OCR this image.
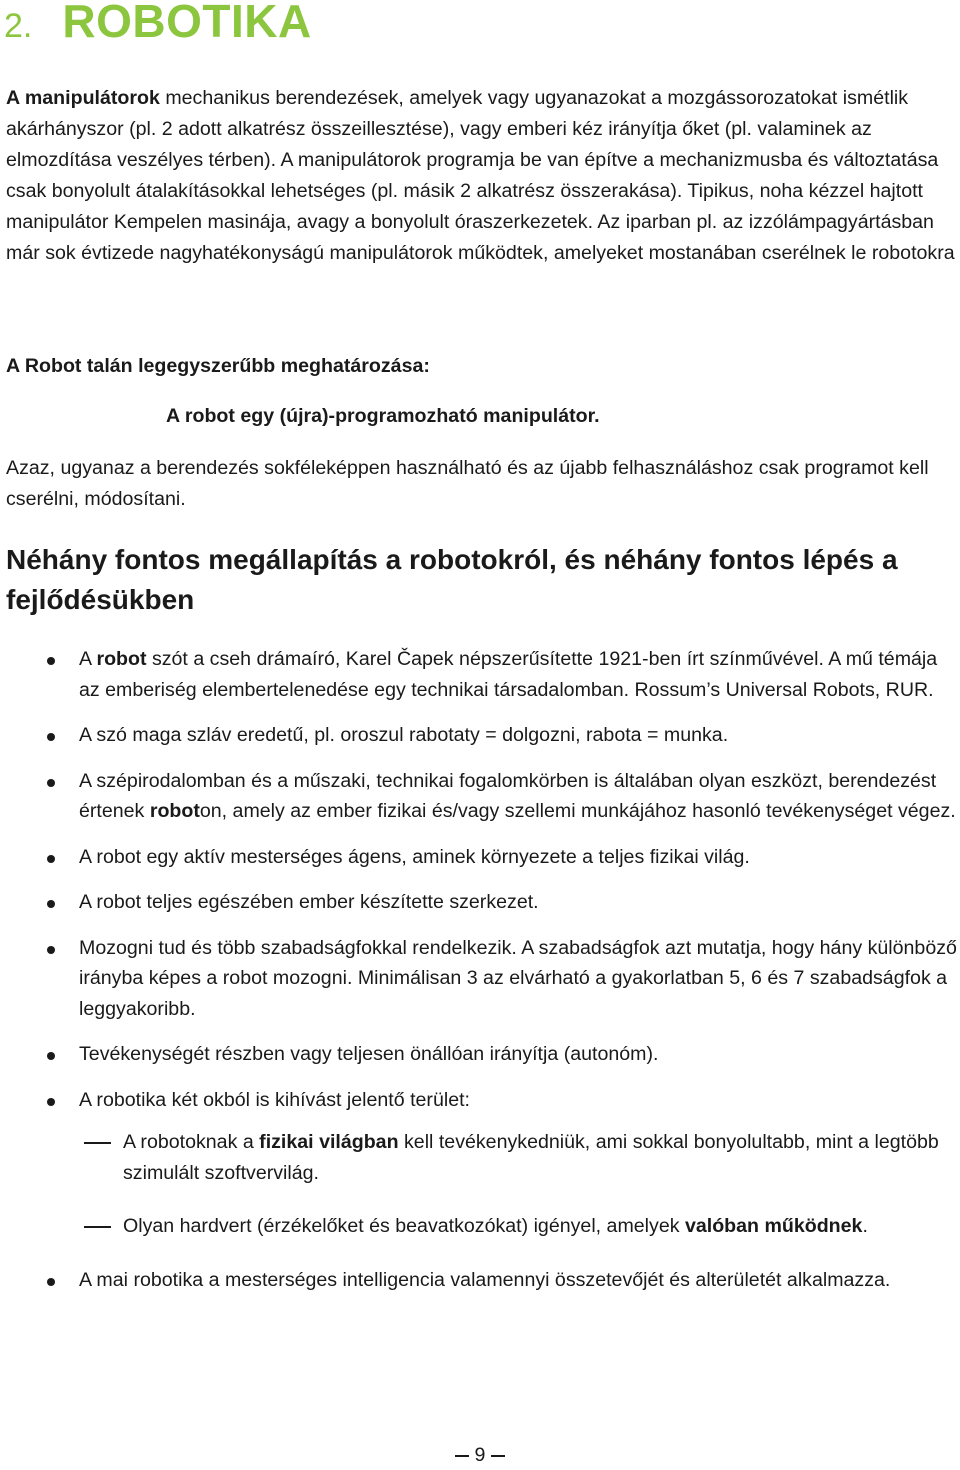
2. ROBOTIKA
A manipulátorok mechanikus berendezések, amelyek vagy ugyanazokat a mozgássorozatokat ismétlik akárhányszor (pl. 2 adott alkatrész összeillesztése), vagy emberi kéz irányítja őket (pl. valaminek az elmozdítása veszélyes térben). A manipulátorok programja be van építve a mechanizmusba és változtatása csak bonyolult átalakításokkal lehetséges (pl. másik 2 alkatrész összerakása). Tipikus, noha kézzel hajtott manipulátor Kempelen masinája, avagy a bonyolult óraszerkezetek. Az iparban pl. az izzólámpagyártásban már sok évtizede nagyhatékonyságú manipulátorok működtek, amelyeket mostanában cserélnek le robotokra
A Robot talán legegyszerűbb meghatározása:
A robot egy (újra)-programozható manipulátor.
Azaz, ugyanaz a berendezés sokféleképpen használható és az újabb felhasználáshoz csak programot kell cserélni, módosítani.
Néhány fontos megállapítás a robotokról, és néhány fontos lépés a fejlődésükben
A robot szót a cseh drámaíró, Karel Čapek népszerűsítette 1921-ben írt színművével. A mű témája az emberiség elembertelenedése egy technikai társadalomban. Rossum’s Universal Robots, RUR.
A szó maga szláv eredetű, pl. oroszul rabotaty = dolgozni, rabota = munka.
A szépirodalomban és a műszaki, technikai fogalomkörben is általában olyan eszközt, berendezést értenek roboton, amely az ember fizikai és/vagy szellemi munkájához hasonló tevékenységet végez.
A robot egy aktív mesterséges ágens, aminek környezete a teljes fizikai világ.
A robot teljes egészében ember készítette szerkezet.
Mozogni tud és több szabadságfokkal rendelkezik. A szabadságfok azt mutatja, hogy hány különböző irányba képes a robot mozogni. Minimálisan 3 az elvárható a gyakorlatban 5, 6 és 7 szabadságfok a leggyakoribb.
Tevékenységét részben vagy teljesen önállóan irányítja (autonóm).
A robotika két okból is kihívást jelentő terület:
A robotoknak a fizikai világban kell tevékenykedniük, ami sokkal bonyolultabb, mint a legtöbb szimulált szoftvervilág.
Olyan hardvert (érzékelőket és beavatkozókat) igényel, amelyek valóban működnek.
A mai robotika a mesterséges intelligencia valamennyi összetevőjét és alterületét alkalmazza.
9
